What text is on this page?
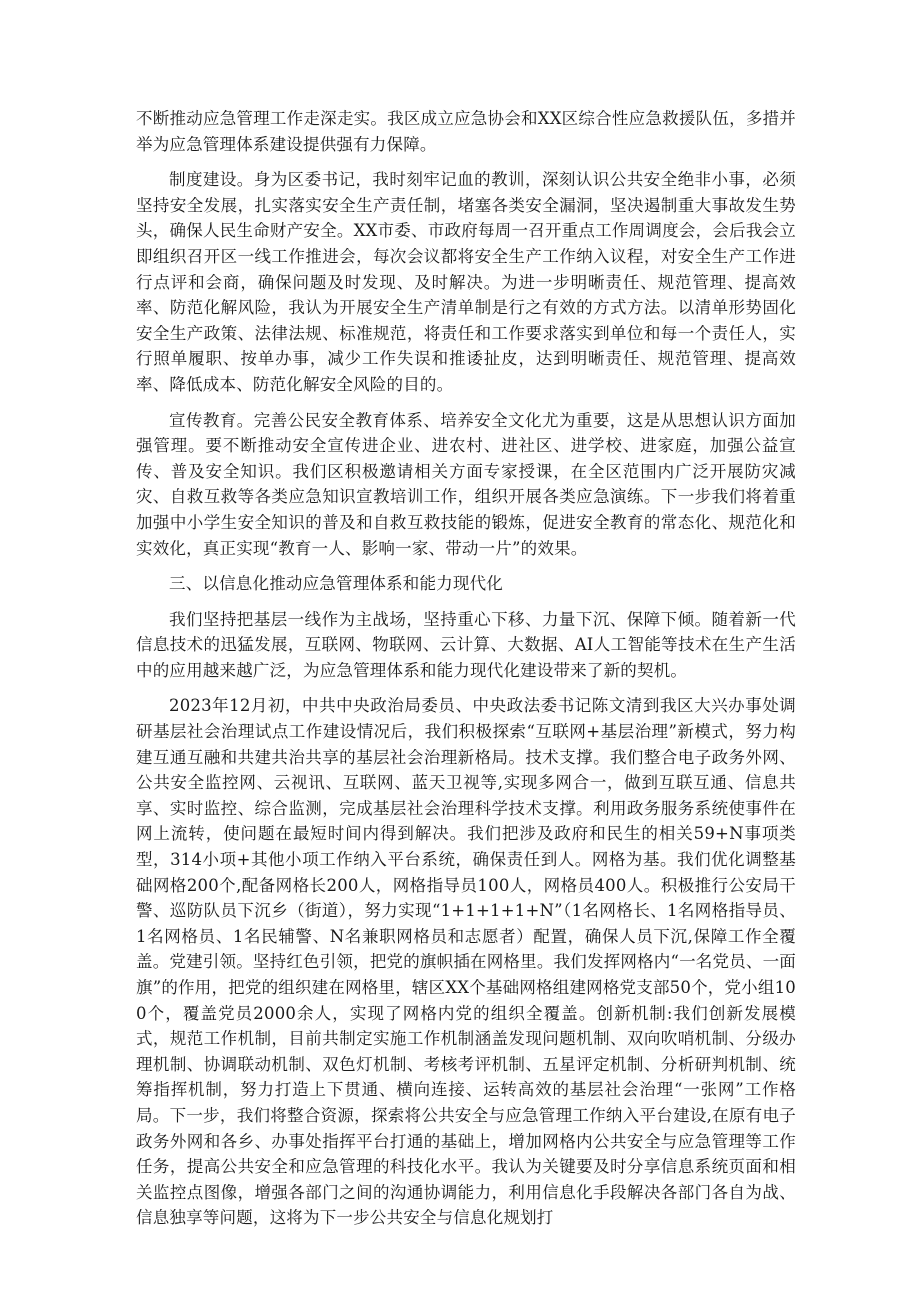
不断推动应急管理工作走深走实。我区成立应急协会和XX区综合性应急救援队伍，多措并举为应急管理体系建设提供强有力保障。

制度建设。身为区委书记，我时刻牢记血的教训，深刻认识公共安全绝非小事，必须坚持安全发展，扎实落实安全生产责任制，堵塞各类安全漏洞，坚决遏制重大事故发生势头，确保人民生命财产安全。XX市委、市政府每周一召开重点工作周调度会，会后我会立即组织召开区一线工作推进会，每次会议都将安全生产工作纳入议程，对安全生产工作进行点评和会商，确保问题及时发现、及时解决。为进一步明晰责任、规范管理、提高效率、防范化解风险，我认为开展安全生产清单制是行之有效的方式方法。以清单形势固化安全生产政策、法律法规、标准规范，将责任和工作要求落实到单位和每一个责任人，实行照单履职、按单办事，减少工作失误和推诿扯皮，达到明晰责任、规范管理、提高效率、降低成本、防范化解安全风险的目的。

宣传教育。完善公民安全教育体系、培养安全文化尤为重要，这是从思想认识方面加强管理。要不断推动安全宣传进企业、进农村、进社区、进学校、进家庭，加强公益宣传、普及安全知识。我们区积极邀请相关方面专家授课，在全区范围内广泛开展防灾减灾、自救互救等各类应急知识宣教培训工作，组织开展各类应急演练。下一步我们将着重加强中小学生安全知识的普及和自救互救技能的锻炼，促进安全教育的常态化、规范化和实效化，真正实现“教育一人、影响一家、带动一片”的效果。

三、以信息化推动应急管理体系和能力现代化

我们坚持把基层一线作为主战场，坚持重心下移、力量下沉、保障下倾。随着新一代信息技术的迅猛发展，互联网、物联网、云计算、大数据、AI人工智能等技术在生产生活中的应用越来越广泛，为应急管理体系和能力现代化建设带来了新的契机。

2023年12月初，中共中央政治局委员、中央政法委书记陈文清到我区大兴办事处调研基层社会治理试点工作建设情况后，我们积极探索“互联网+基层治理”新模式，努力构建互通互融和共建共治共享的基层社会治理新格局。技术支撑。我们整合电子政务外网、公共安全监控网、云视讯、互联网、蓝天卫视等,实现多网合一，做到互联互通、信息共享、实时监控、综合监测，完成基层社会治理科学技术支撑。利用政务服务系统使事件在网上流转，使问题在最短时间内得到解决。我们把涉及政府和民生的相关59+N事项类型，314小项+其他小项工作纳入平台系统，确保责任到人。网格为基。我们优化调整基础网格200个,配备网格长200人，网格指导员100人，网格员400人。积极推行公安局干警、巡防队员下沉乡（街道），努力实现“1+1+1+1+N”（1名网格长、1名网格指导员、1名网格员、1名民辅警、N名兼职网格员和志愿者）配置，确保人员下沉,保障工作全覆盖。党建引领。坚持红色引领，把党的旗帜插在网格里。我们发挥网格内“一名党员、一面旗”的作用，把党的组织建在网格里，辖区XX个基础网格组建网格党支部50个，党小组100个，覆盖党员2000余人，实现了网格内党的组织全覆盖。创新机制:我们创新发展模式，规范工作机制，目前共制定实施工作机制涵盖发现问题机制、双向吹哨机制、分级办理机制、协调联动机制、双色灯机制、考核考评机制、五星评定机制、分析研判机制、统筹指挥机制，努力打造上下贯通、横向连接、运转高效的基层社会治理“一张网”工作格局。下一步，我们将整合资源，探索将公共安全与应急管理工作纳入平台建设,在原有电子政务外网和各乡、办事处指挥平台打通的基础上，增加网格内公共安全与应急管理等工作任务，提高公共安全和应急管理的科技化水平。我认为关键要及时分享信息系统页面和相关监控点图像，增强各部门之间的沟通协调能力，利用信息化手段解决各部门各自为战、信息独享等问题，这将为下一步公共安全与信息化规划打
